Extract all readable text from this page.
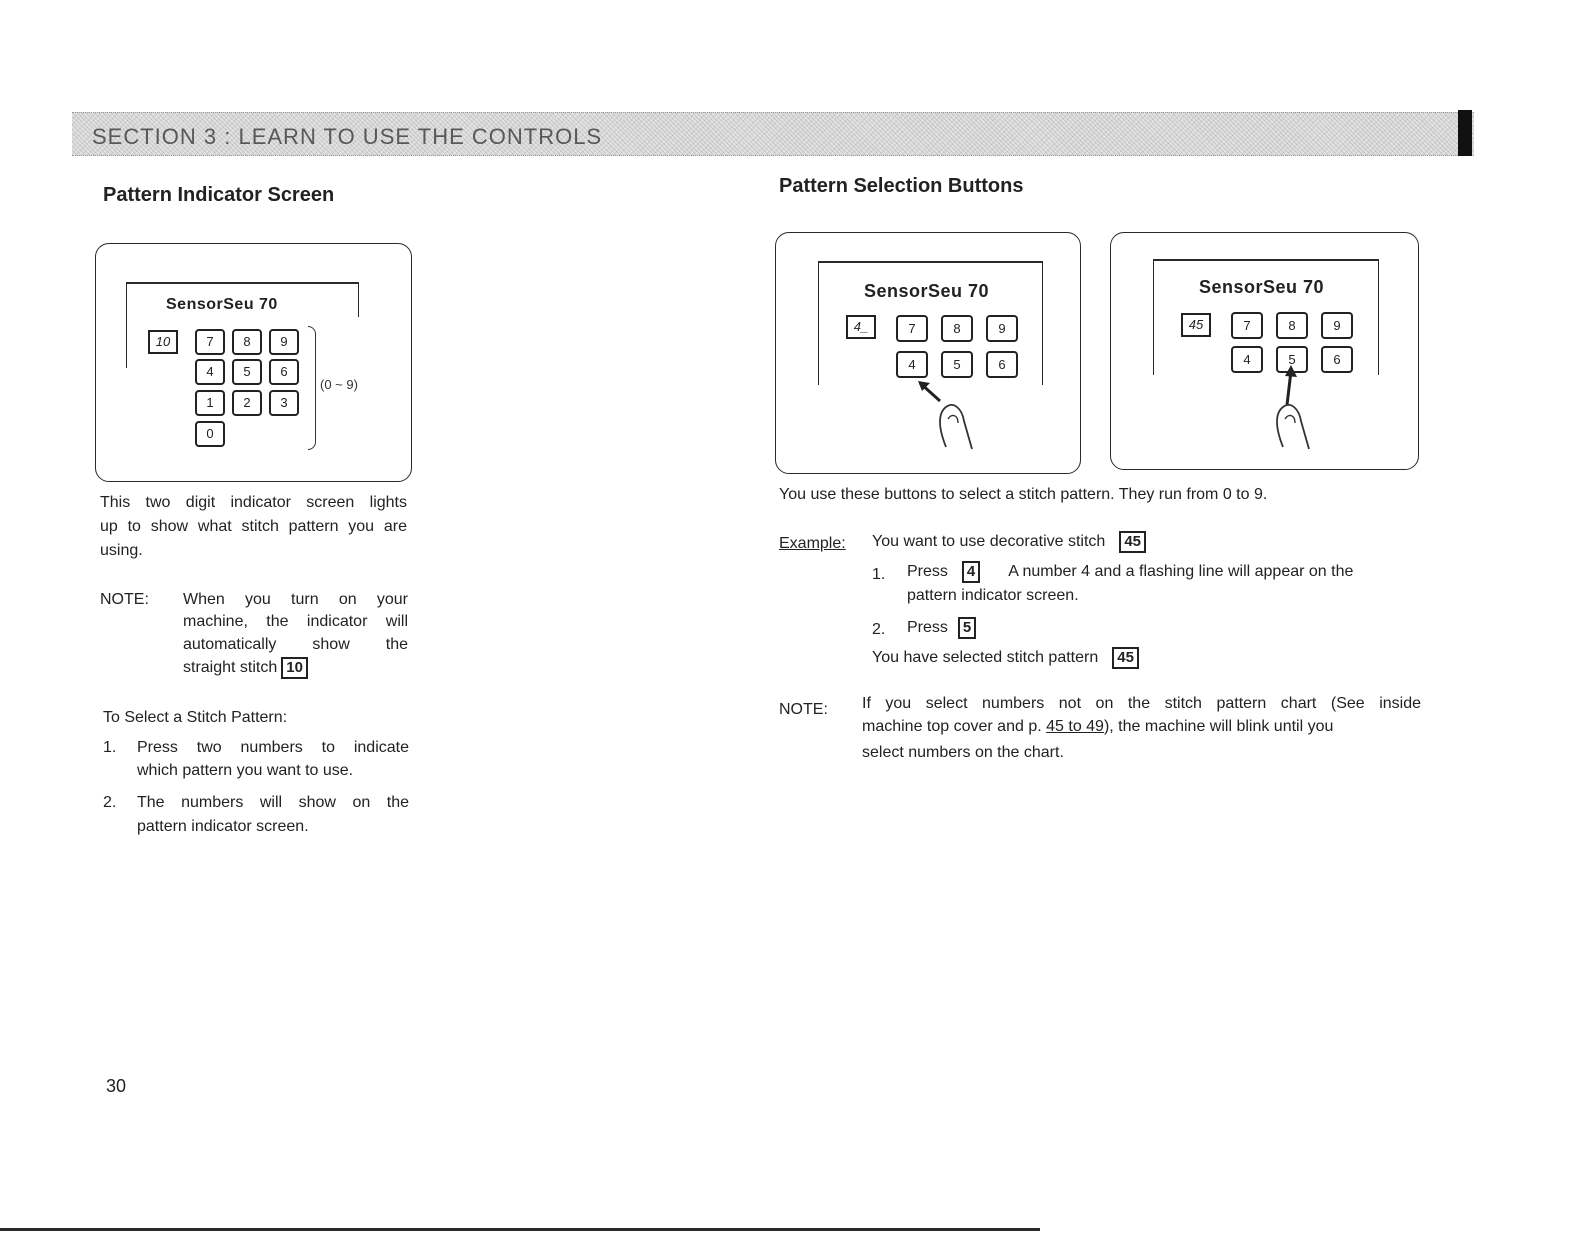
SECTION 3 : LEARN TO USE THE CONTROLS
Pattern Indicator Screen
SensorSeu 70
10	7	8	9
4	5	6
1	2	3
0
(0 ~ 9)
This two digit indicator screen lights
up to show what stitch pattern you are
using.
NOTE: When you turn on your
machine, the indicator will
automatically show the
straight stitch 10
To Select a Stitch Pattern:
1. Press two numbers to indicate
which pattern you want to use.
2. The numbers will show on the
pattern indicator screen.
Pattern Selection Buttons
SensorSeu 70
4_	7	8	9
4	5	6
SensorSeu 70
45	7	8	9
4	5	6
You use these buttons to select a stitch pattern. They run from 0 to 9.
Example: You want to use decorative stitch 45
1. Press 4 A number 4 and a flashing line will appear on the
pattern indicator screen.
2. Press 5
You have selected stitch pattern 45
NOTE: If you select numbers not on the stitch pattern chart (See inside
machine top cover and p. 45 to 49), the machine will blink until you
select numbers on the chart.
30
